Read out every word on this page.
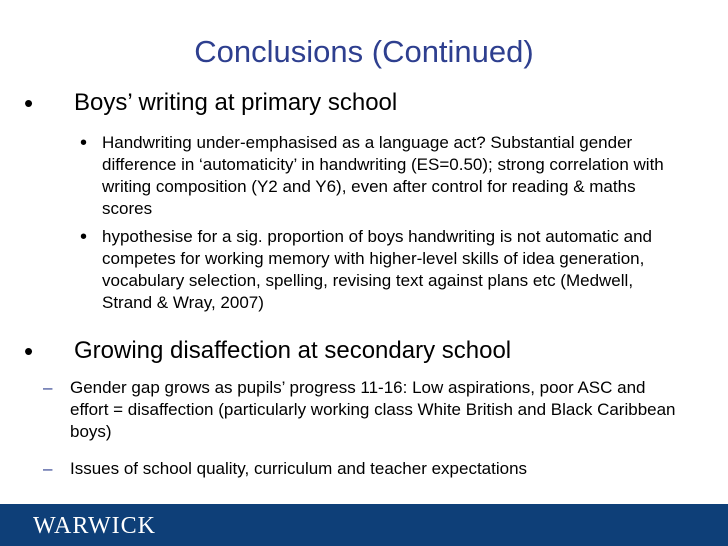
Conclusions (Continued)
• Boys’ writing at primary school
• Handwriting under-emphasised as a language act? Substantial gender difference in ‘automaticity’ in handwriting (ES=0.50); strong correlation with writing composition (Y2 and Y6), even after control for reading & maths scores
• hypothesise for a sig. proportion of boys handwriting is not automatic and competes for working memory with higher-level skills of idea generation, vocabulary selection, spelling, revising text against plans etc (Medwell, Strand & Wray, 2007)
• Growing disaffection at secondary school
– Gender gap grows as pupils’ progress 11-16: Low aspirations, poor ASC and effort = disaffection (particularly working class White British and Black Caribbean boys)
– Issues of school quality, curriculum and teacher expectations
WARWICK
